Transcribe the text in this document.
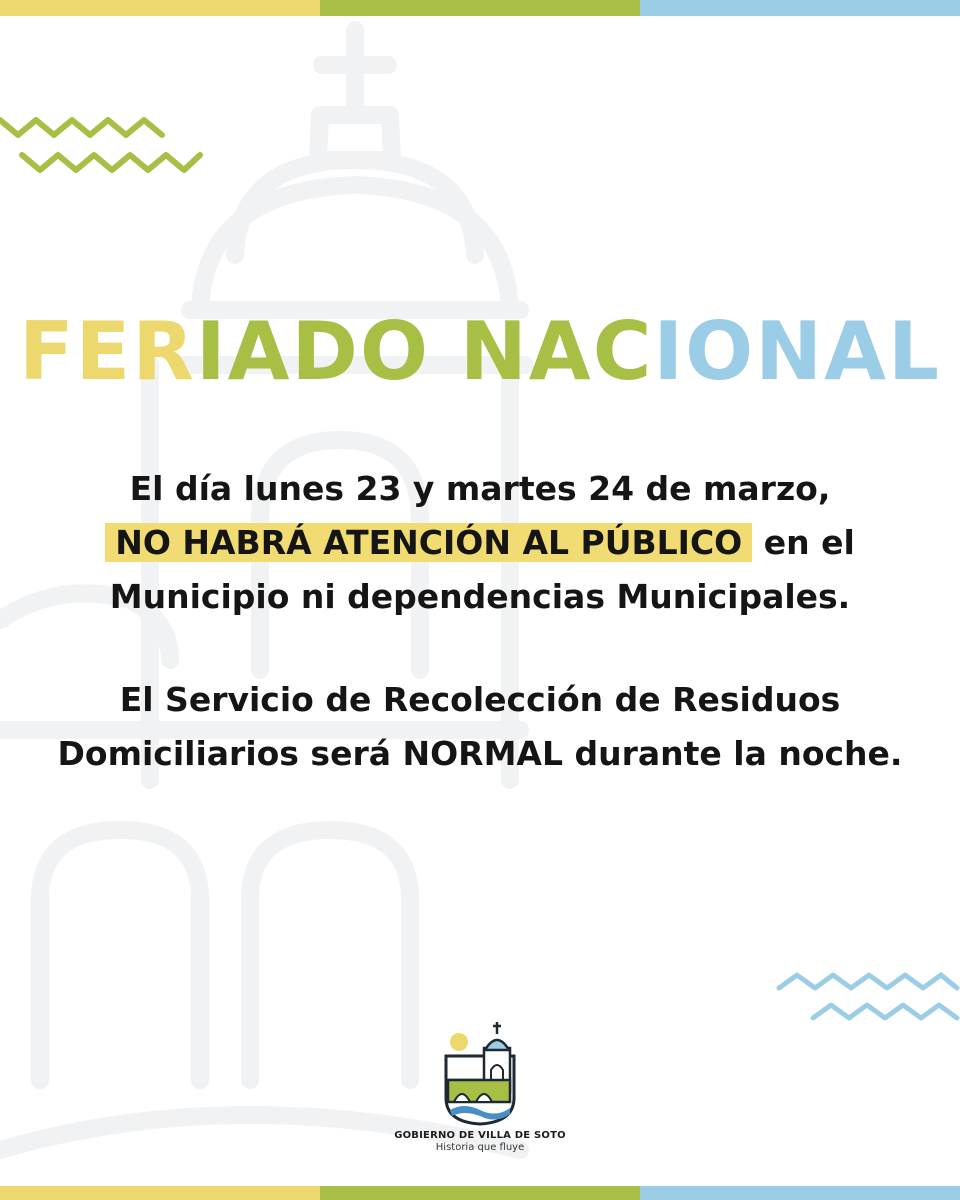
FERIADO NACIONAL
El día lunes 23 y martes 24 de marzo,
NO HABRÁ ATENCIÓN AL PÚBLICO en el
Municipio ni dependencias Municipales.
El Servicio de Recolección de Residuos
Domiciliarios será NORMAL durante la noche.
GOBIERNO DE VILLA DE SOTO
Historia que fluye
